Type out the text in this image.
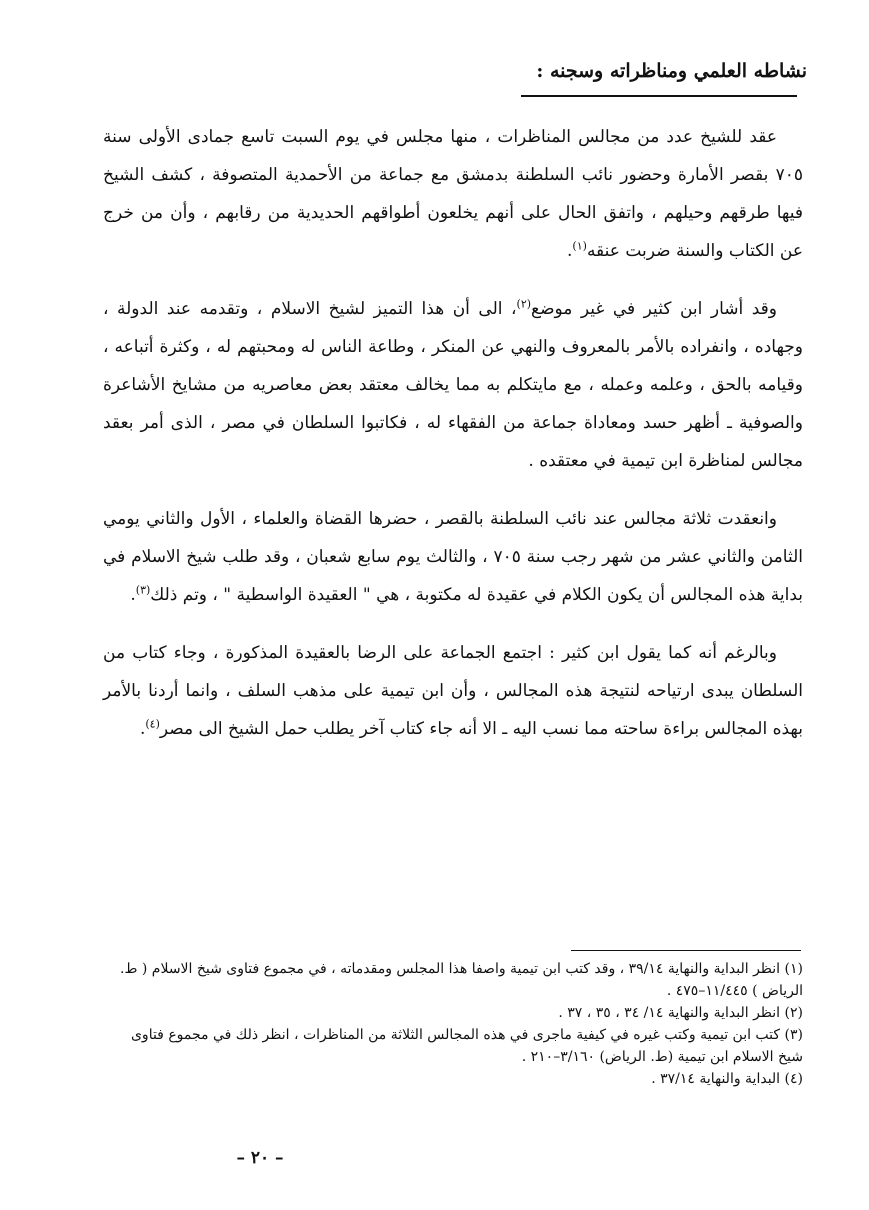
نشاطه العلمي ومناظراته وسجنه :

عقد للشيخ عدد من مجالس المناظرات ، منها مجلس في يوم السبت تاسع جمادى الأولى سنة ٧٠٥ بقصر الأمارة وحضور نائب السلطنة بدمشق مع جماعة من الأحمدية المتصوفة ، كشف الشيخ فيها طرقهم وحيلهم ، واتفق الحال على أنهم يخلعون أطواقهم الحديدية من رقابهم ، وأن من خرج عن الكتاب والسنة ضربت عنقه$^{(١)}$.

وقد أشار ابن كثير في غير موضع$^{(٢)}$، الى أن هذا التميز لشيخ الاسلام ، وتقدمه عند الدولة ، وجهاده ، وانفراده بالأمر بالمعروف والنهي عن المنكر ، وطاعة الناس له ومحبتهم له ، وكثرة أتباعه ، وقيامه بالحق ، وعلمه وعمله ، مع مايتكلم به مما يخالف معتقد بعض معاصريه من مشايخ الأشاعرة والصوفية ـ أظهر حسد ومعاداة جماعة من الفقهاء له ، فكاتبوا السلطان في مصر ، الذى أمر بعقد مجالس لمناظرة ابن تيمية في معتقده .

وانعقدت ثلاثة مجالس عند نائب السلطنة بالقصر ، حضرها القضاة والعلماء ، الأول والثاني يومي الثامن والثاني عشر من شهر رجب سنة ٧٠٥ ، والثالث يوم سابع شعبان ، وقد طلب شيخ الاسلام في بداية هذه المجالس أن يكون الكلام في عقيدة له مكتوبة ، هي " العقيدة الواسطية " ، وتم ذلك$^{(٣)}$.

وبالرغم أنه كما يقول ابن كثير : اجتمع الجماعة على الرضا بالعقيدة المذكورة ، وجاء كتاب من السلطان يبدى ارتياحه لنتيجة هذه المجالس ، وأن ابن تيمية على مذهب السلف ، وانما أردنا بالأمر بهذه المجالس براءة ساحته مما نسب اليه ـ الا أنه جاء كتاب آخر يطلب حمل الشيخ الى مصر$^{(٤)}$.

(١) انظر البداية والنهاية ٣٩/١٤ ، وقد كتب ابن تيمية واصفا هذا المجلس ومقدماته ، في مجموع فتاوى شيخ الاسلام ( ط. الرياض ) ١١/٤٤٥–٤٧٥ .
(٢) انظر البداية والنهاية ١٤/ ٣٤ ، ٣٥ ، ٣٧ .
(٣) كتب ابن تيمية وكتب غيره في كيفية ماجرى في هذه المجالس الثلاثة من المناظرات ، انظر ذلك في مجموع فتاوى شيخ الاسلام ابن تيمية (ط. الرياض) ٣/١٦٠–٢١٠ .
(٤) البداية والنهاية ٣٧/١٤ .
– ٢٠ –
